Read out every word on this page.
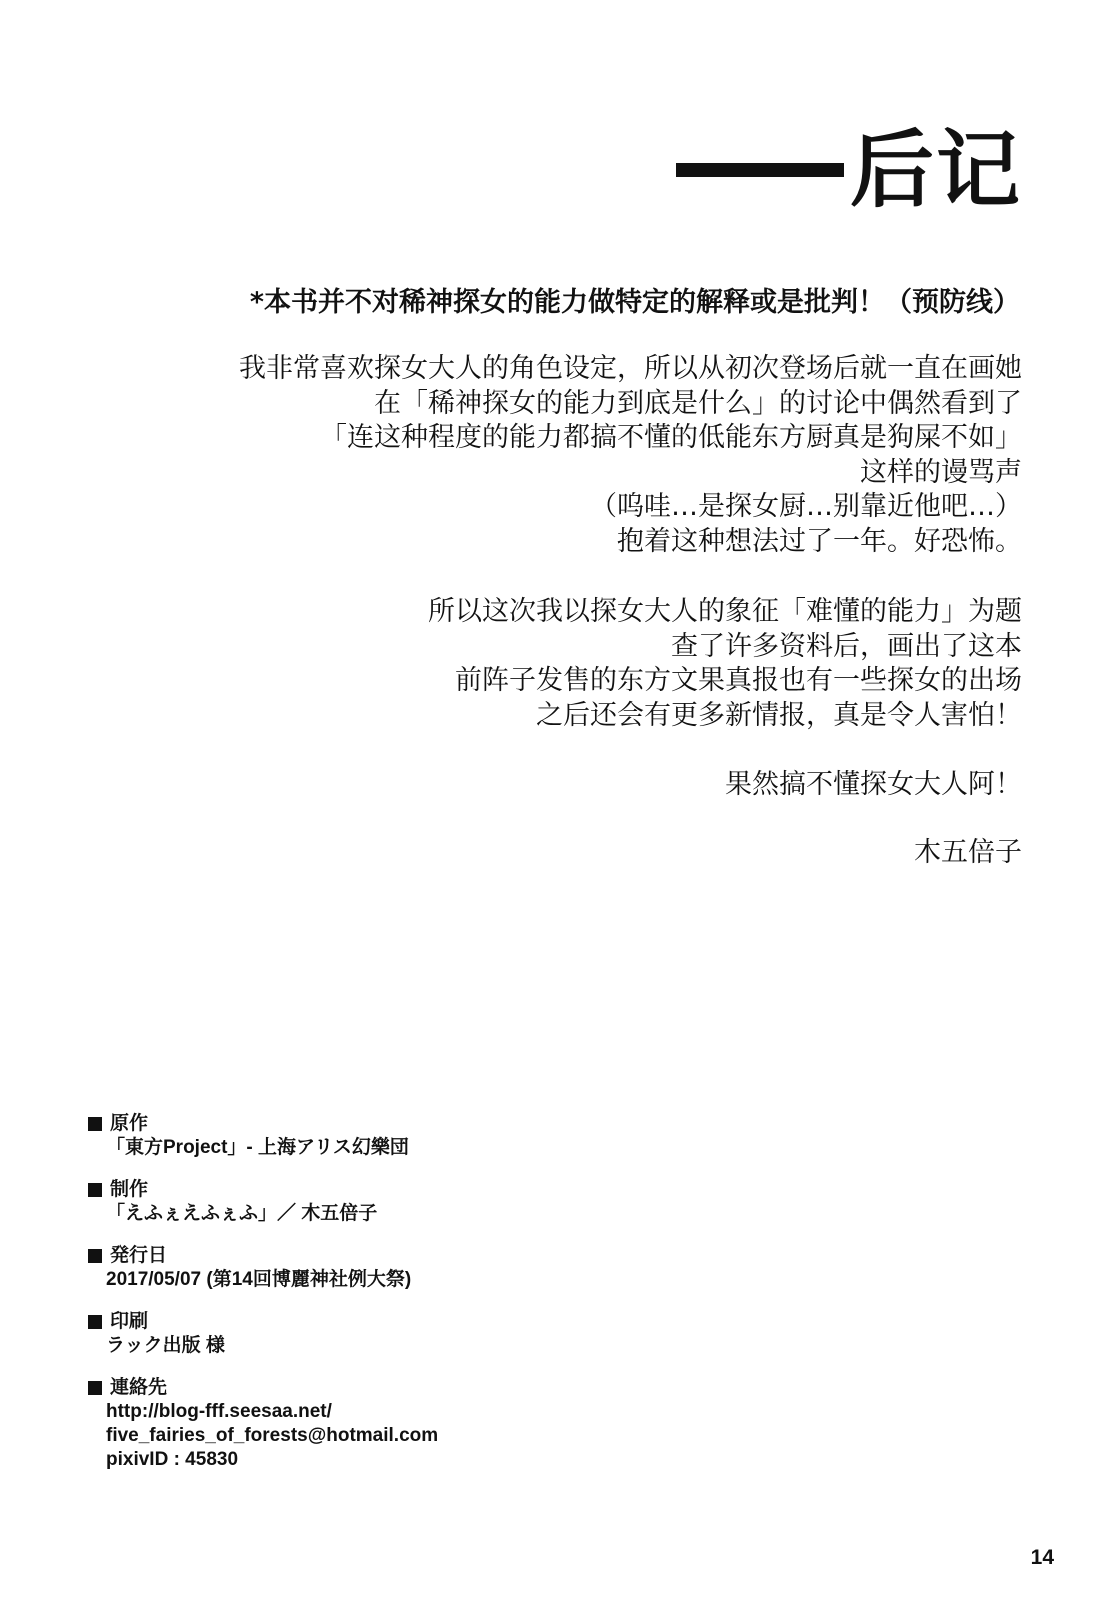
后记
*本书并不对稀神探女的能力做特定的解释或是批判！（预防线）
我非常喜欢探女大人的角色设定，所以从初次登场后就一直在画她
在「稀神探女的能力到底是什么」的讨论中偶然看到了
「连这种程度的能力都搞不懂的低能东方厨真是狗屎不如」
这样的谩骂声
（呜哇…是探女厨…别靠近他吧…）
抱着这种想法过了一年。好恐怖。
所以这次我以探女大人的象征「难懂的能力」为题
查了许多资料后，画出了这本
前阵子发售的东方文果真报也有一些探女的出场
之后还会有更多新情报，真是令人害怕！
果然搞不懂探女大人阿！
木五倍子
原作
「東方Project」- 上海アリス幻樂団
制作
「えふぇえふぇふ」／ 木五倍子
発行日
2017/05/07 (第14回博麗神社例大祭)
印刷
ラック出版 様
連絡先
http://blog-fff.seesaa.net/
five_fairies_of_forests@hotmail.com
pixivID : 45830
14
